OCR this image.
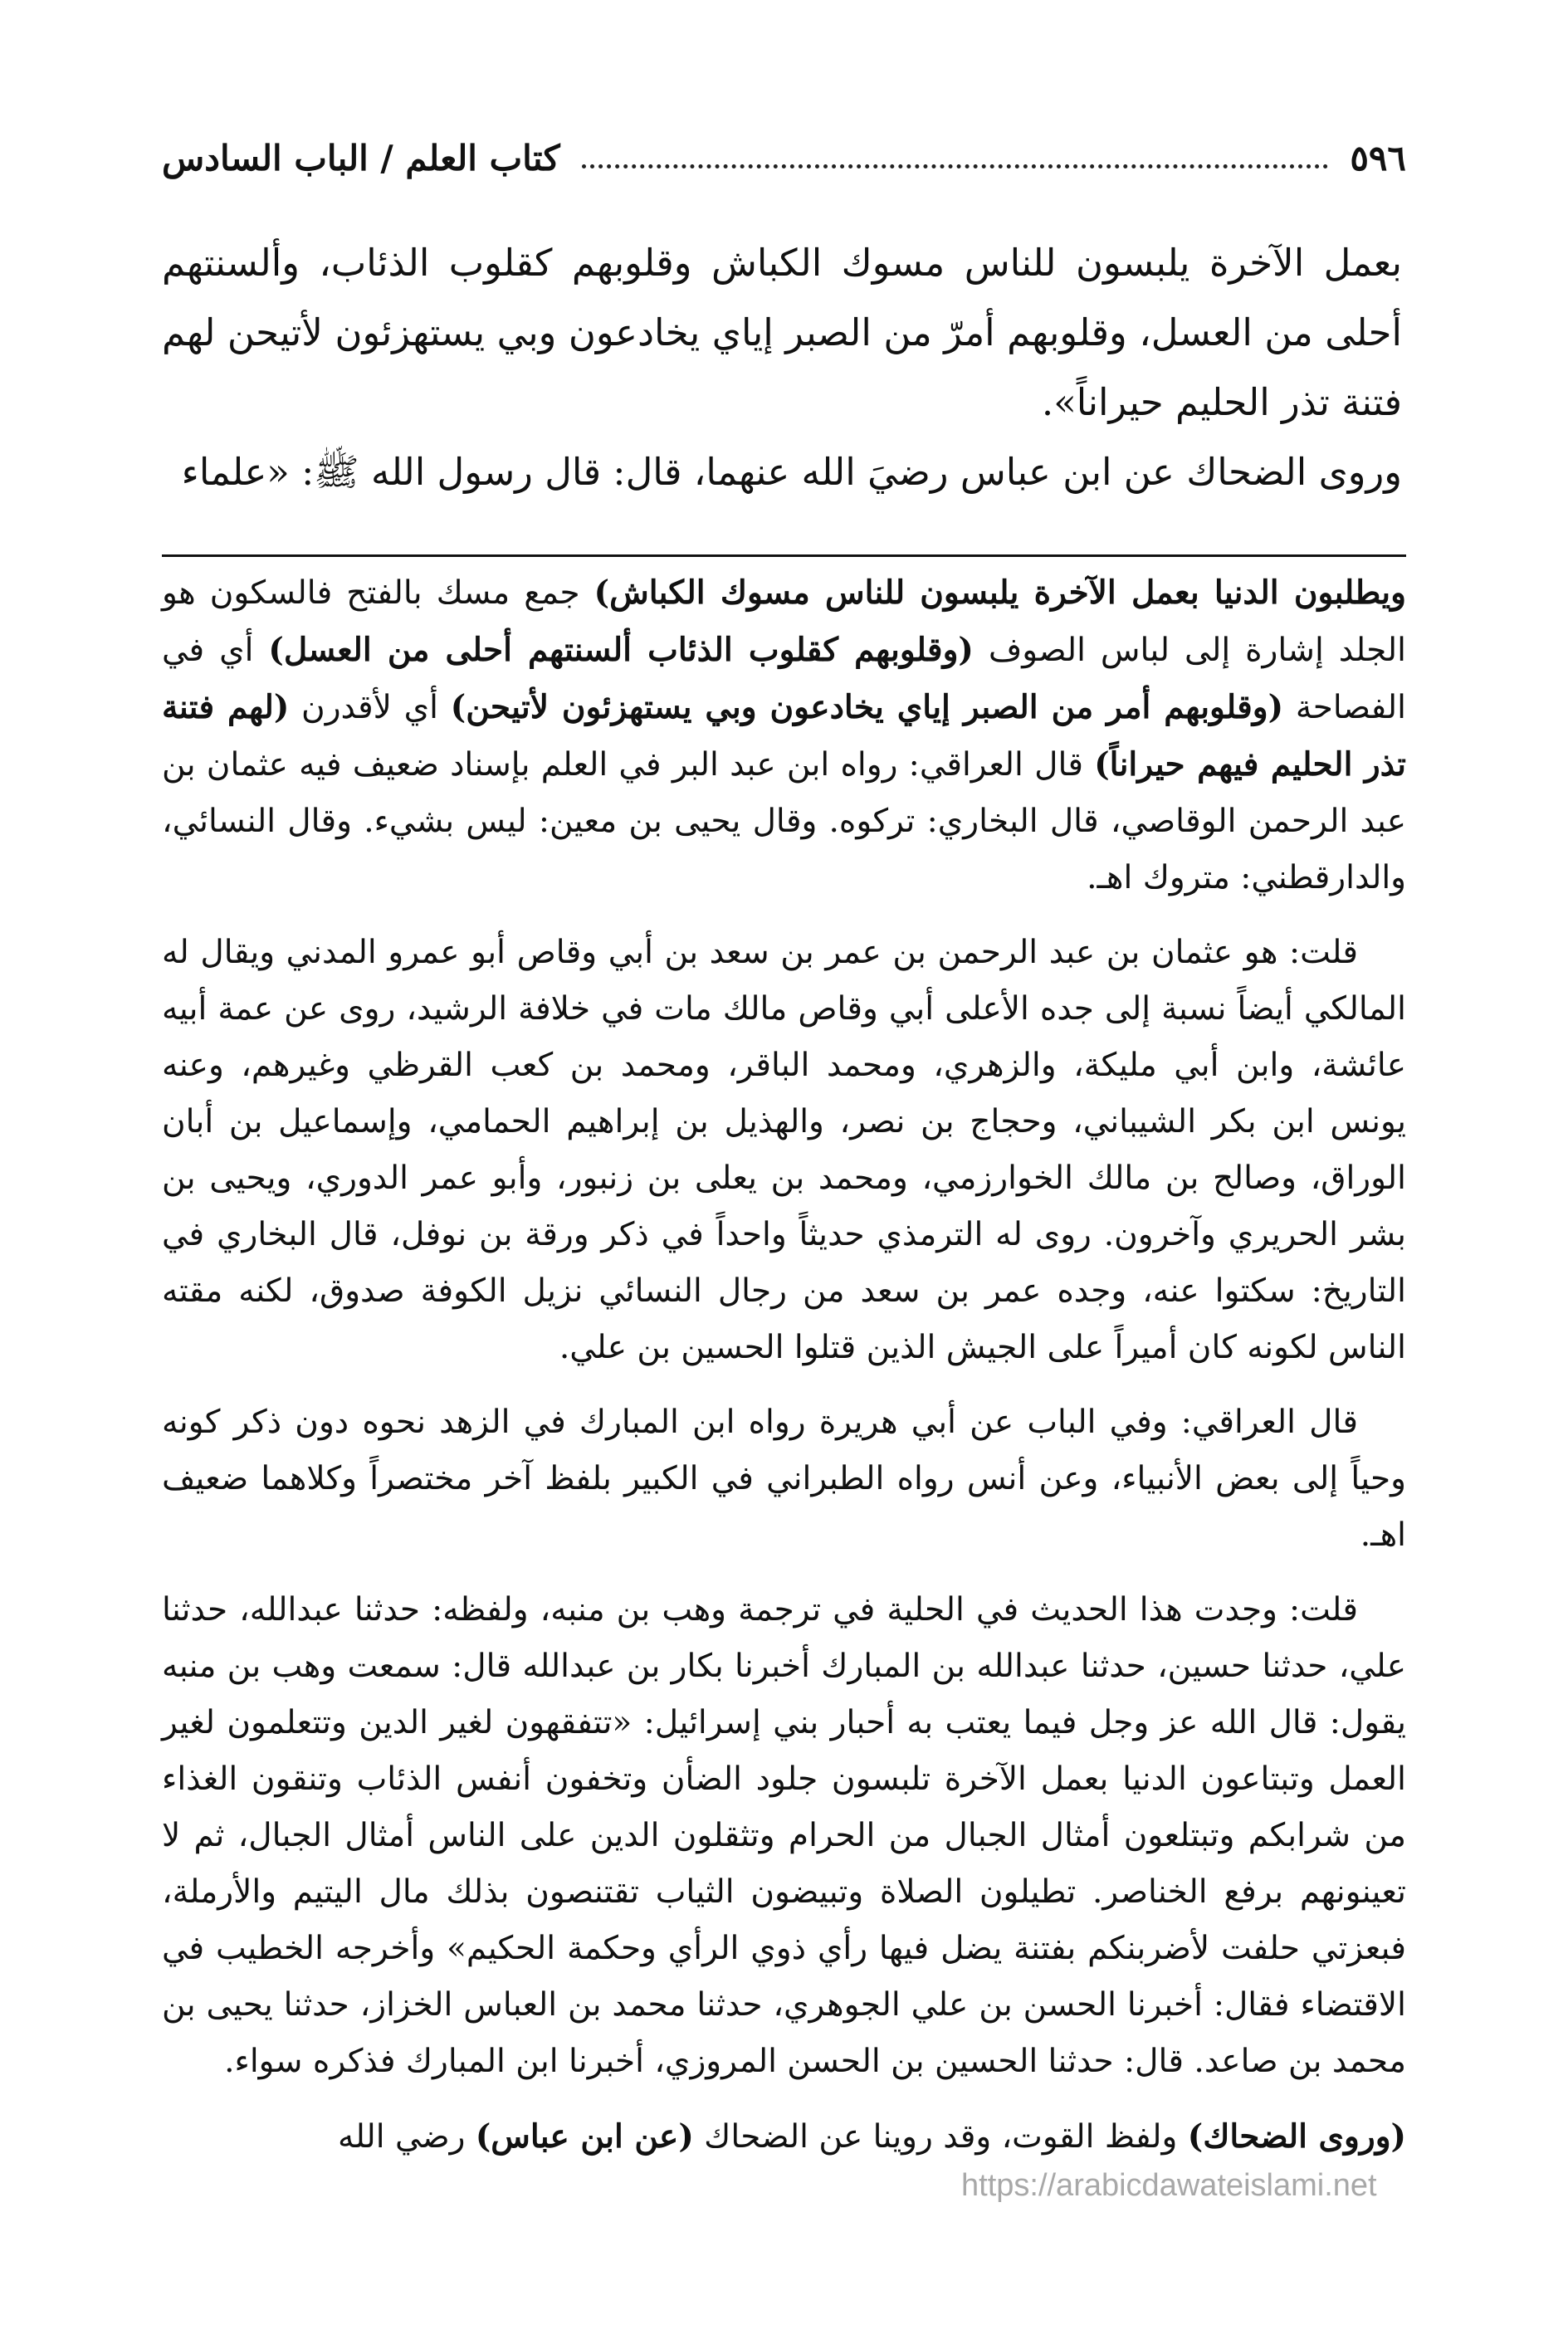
٥٩٦
كتاب العلم / الباب السادس

بعمل الآخرة يلبسون للناس مسوك الكباش وقلوبهم كقلوب الذئاب، وألسنتهم أحلى من العسل، وقلوبهم أمرّ من الصبر إياي يخادعون وبي يستهزئون لأتيحن لهم فتنة تذر الحليم حيراناً».

وروى الضحاك عن ابن عباس رضيَ الله عنهما، قال: قال رسول الله ﷺ: «علماء

ويطلبون الدنيا بعمل الآخرة يلبسون للناس مسوك الكباش) جمع مسك بالفتح فالسكون هو الجلد إشارة إلى لباس الصوف (وقلوبهم كقلوب الذئاب ألسنتهم أحلى من العسل) أي في الفصاحة (وقلوبهم أمر من الصبر إياي يخادعون وبي يستهزئون لأتيحن) أي لأقدرن (لهم فتنة تذر الحليم فيهم حيراناً) قال العراقي: رواه ابن عبد البر في العلم بإسناد ضعيف فيه عثمان بن عبد الرحمن الوقاصي، قال البخاري: تركوه. وقال يحيى بن معين: ليس بشيء. وقال النسائي، والدارقطني: متروك اهـ.

قلت: هو عثمان بن عبد الرحمن بن عمر بن سعد بن أبي وقاص أبو عمرو المدني ويقال له المالكي أيضاً نسبة إلى جده الأعلى أبي وقاص مالك مات في خلافة الرشيد، روى عن عمة أبيه عائشة، وابن أبي مليكة، والزهري، ومحمد الباقر، ومحمد بن كعب القرظي وغيرهم، وعنه يونس ابن بكر الشيباني، وحجاج بن نصر، والهذيل بن إبراهيم الحمامي، وإسماعيل بن أبان الوراق، وصالح بن مالك الخوارزمي، ومحمد بن يعلى بن زنبور، وأبو عمر الدوري، ويحيى بن بشر الحريري وآخرون. روى له الترمذي حديثاً واحداً في ذكر ورقة بن نوفل، قال البخاري في التاريخ: سكتوا عنه، وجده عمر بن سعد من رجال النسائي نزيل الكوفة صدوق، لكنه مقته الناس لكونه كان أميراً على الجيش الذين قتلوا الحسين بن علي.

قال العراقي: وفي الباب عن أبي هريرة رواه ابن المبارك في الزهد نحوه دون ذكر كونه وحياً إلى بعض الأنبياء، وعن أنس رواه الطبراني في الكبير بلفظ آخر مختصراً وكلاهما ضعيف اهـ.

قلت: وجدت هذا الحديث في الحلية في ترجمة وهب بن منبه، ولفظه: حدثنا عبدالله، حدثنا علي، حدثنا حسين، حدثنا عبدالله بن المبارك أخبرنا بكار بن عبدالله قال: سمعت وهب بن منبه يقول: قال الله عز وجل فيما يعتب به أحبار بني إسرائيل: «تتفقهون لغير الدين وتتعلمون لغير العمل وتبتاعون الدنيا بعمل الآخرة تلبسون جلود الضأن وتخفون أنفس الذئاب وتنقون الغذاء من شرابكم وتبتلعون أمثال الجبال من الحرام وتثقلون الدين على الناس أمثال الجبال، ثم لا تعينونهم برفع الخناصر. تطيلون الصلاة وتبيضون الثياب تقتنصون بذلك مال اليتيم والأرملة، فبعزتي حلفت لأضربنكم بفتنة يضل فيها رأي ذوي الرأي وحكمة الحكيم» وأخرجه الخطيب في الاقتضاء فقال: أخبرنا الحسن بن علي الجوهري، حدثنا محمد بن العباس الخزاز، حدثنا يحيى بن محمد بن صاعد. قال: حدثنا الحسين بن الحسن المروزي، أخبرنا ابن المبارك فذكره سواء.

(وروى الضحاك) ولفظ القوت، وقد روينا عن الضحاك (عن ابن عباس) رضي الله

https://arabicdawateislami.net
